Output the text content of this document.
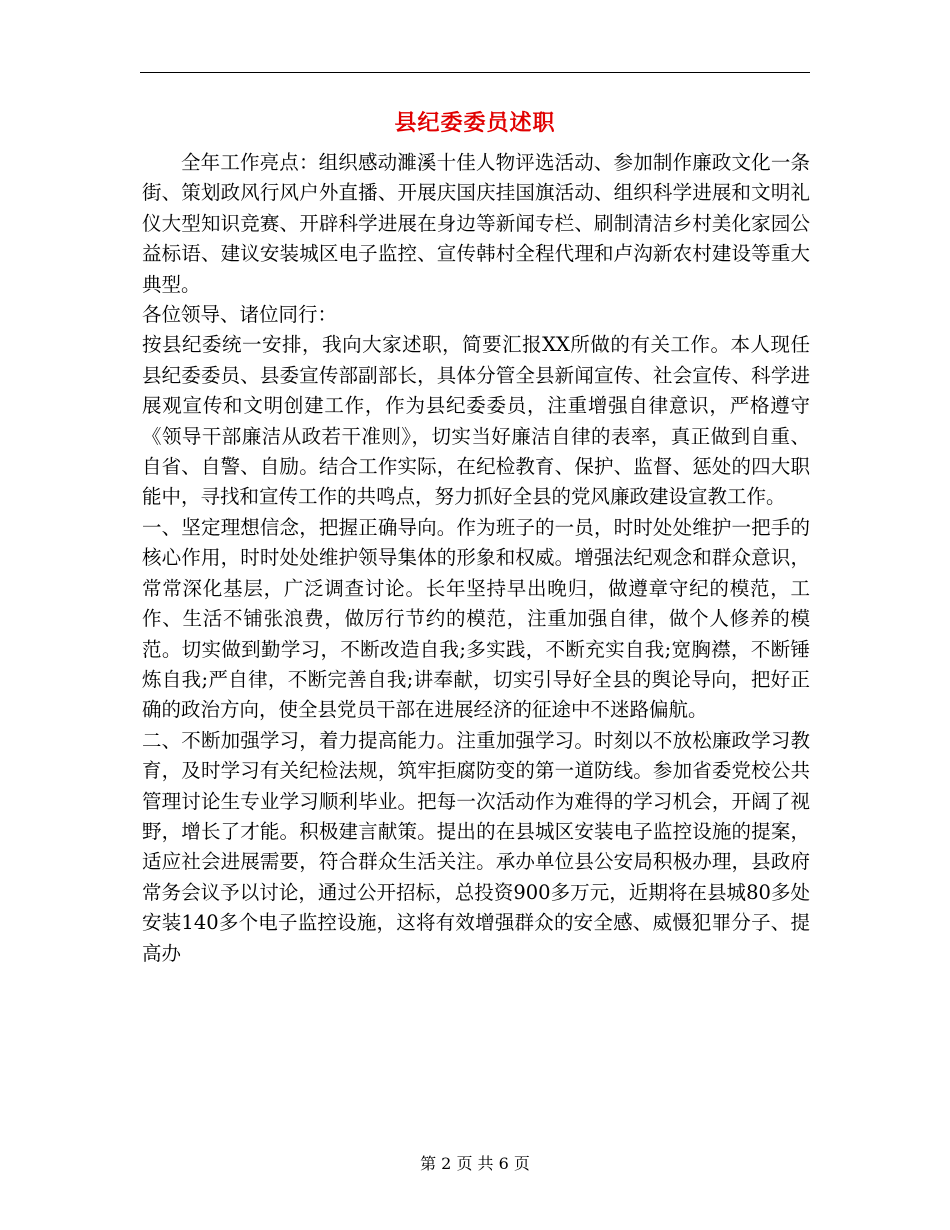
县纪委委员述职

全年工作亮点：组织感动濉溪十佳人物评选活动、参加制作廉政文化一条街、策划政风行风户外直播、开展庆国庆挂国旗活动、组织科学进展和文明礼仪大型知识竞赛、开辟科学进展在身边等新闻专栏、刷制清洁乡村美化家园公益标语、建议安装城区电子监控、宣传韩村全程代理和卢沟新农村建设等重大典型。

各位领导、诸位同行：

按县纪委统一安排，我向大家述职，简要汇报XX所做的有关工作。本人现任县纪委委员、县委宣传部副部长，具体分管全县新闻宣传、社会宣传、科学进展观宣传和文明创建工作，作为县纪委委员，注重增强自律意识，严格遵守《领导干部廉洁从政若干准则》，切实当好廉洁自律的表率，真正做到自重、自省、自警、自励。结合工作实际，在纪检教育、保护、监督、惩处的四大职能中，寻找和宣传工作的共鸣点，努力抓好全县的党风廉政建设宣教工作。

一、坚定理想信念，把握正确导向。作为班子的一员，时时处处维护一把手的核心作用，时时处处维护领导集体的形象和权威。增强法纪观念和群众意识，常常深化基层，广泛调查讨论。长年坚持早出晚归，做遵章守纪的模范，工作、生活不铺张浪费，做厉行节约的模范，注重加强自律，做个人修养的模范。切实做到勤学习，不断改造自我;多实践，不断充实自我;宽胸襟，不断锤炼自我;严自律，不断完善自我;讲奉献，切实引导好全县的舆论导向，把好正确的政治方向，使全县党员干部在进展经济的征途中不迷路偏航。

二、不断加强学习，着力提高能力。注重加强学习。时刻以不放松廉政学习教育，及时学习有关纪检法规，筑牢拒腐防变的第一道防线。参加省委党校公共管理讨论生专业学习顺利毕业。把每一次活动作为难得的学习机会，开阔了视野，增长了才能。积极建言献策。提出的在县城区安装电子监控设施的提案，适应社会进展需要，符合群众生活关注。承办单位县公安局积极办理，县政府常务会议予以讨论，通过公开招标，总投资900多万元，近期将在县城80多处安装140多个电子监控设施，这将有效增强群众的安全感、威慑犯罪分子、提高办

第 2 页 共 6 页
